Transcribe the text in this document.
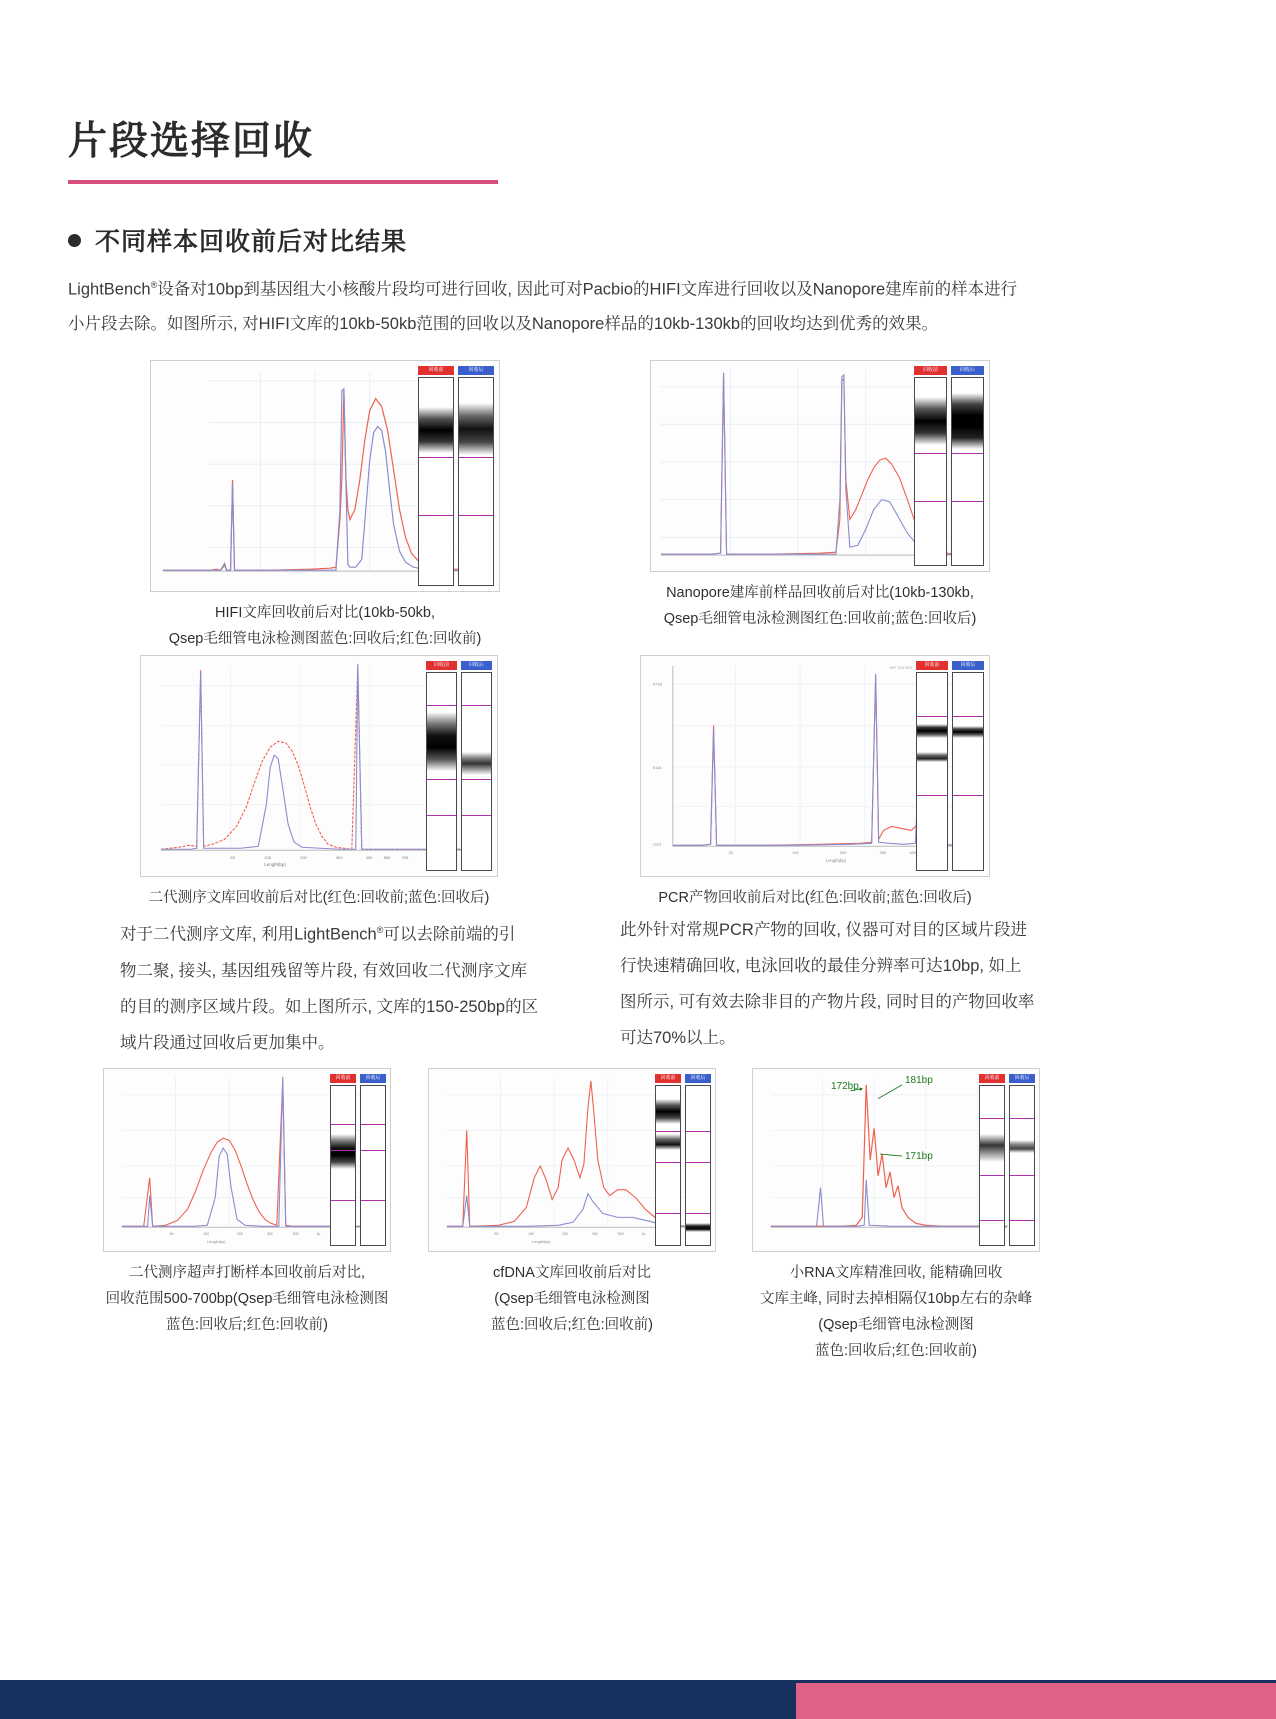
片段选择回收
不同样本回收前后对比结果

LightBench®设备对10bp到基因组大小核酸片段均可进行回收, 因此可对Pacbio的HIFI文库进行回收以及Nanopore建库前的样本进行

小片段去除。如图所示, 对HIFI文库的10kb-50kb范围的回收以及Nanopore样品的10kb-130kb的回收均达到优秀的效果。

回收前	回收后
HIFI文库回收前后对比(10kb-50kb,
Qsep毛细管电泳检测图蓝色:回收后;红色:回收前)
回收前	回收后
Nanopore建库前样品回收前后对比(10kb-130kb,
Qsep毛细管电泳检测图红色:回收前;蓝色:回收后)
50	100	200	300	400	500	700
Length(bp)
回收前	回收后
二代测序文库回收前后对比(红色:回收前;蓝色:回收后)
9718
5116
1113
20	100	200	300	400
Length(bp)
HIFI TEA RED	回收前	回收后
PCR产物回收前后对比(红色:回收前;蓝色:回收后)
对于二代测序文库, 利用LightBench®可以去除前端的引
物二聚, 接头, 基因组残留等片段, 有效回收二代测序文库
的目的测序区域片段。如上图所示, 文库的150-250bp的区
域片段通过回收后更加集中。
此外针对常规PCR产物的回收, 仪器可对目的区域片段进
行快速精确回收, 电泳回收的最佳分辨率可达10bp, 如上
图所示, 可有效去除非目的产物片段, 同时目的产物回收率
可达70%以上。
50	100	200	300	500	1k
Length(bp)
回收前	回收后
二代测序超声打断样本回收前后对比,
回收范围500-700bp(Qsep毛细管电泳检测图
蓝色:回收后;红色:回收前)
50	100	200	300	500	1k
Length(bp)
回收前	回收后
cfDNA文库回收前后对比
(Qsep毛细管电泳检测图
蓝色:回收后;红色:回收前)
172bp
181bp
171bp
回收前	回收后
小RNA文库精准回收, 能精确回收
文库主峰, 同时去掉相隔仅10bp左右的杂峰
(Qsep毛细管电泳检测图
蓝色:回收后;红色:回收前)
4
